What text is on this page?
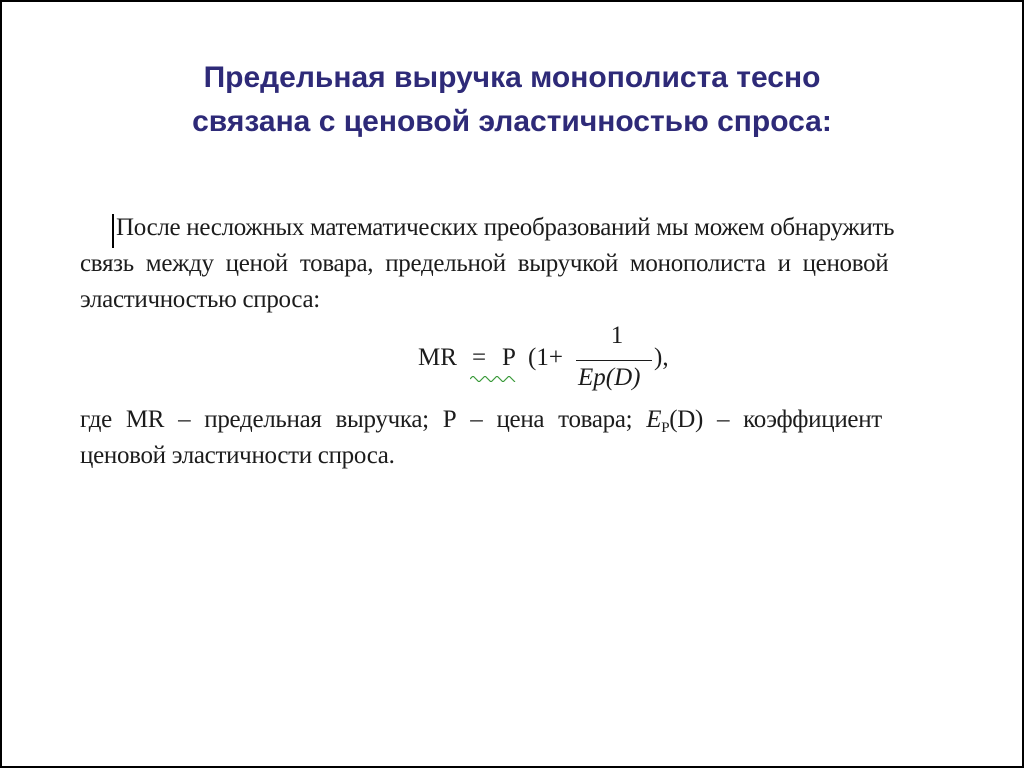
Предельная выручка монополиста тесно
связана с ценовой эластичностью спроса:
После несложных математических преобразований мы можем обнаружить
связь между ценой товара, предельной выручкой монополиста и ценовой
эластичностью спроса:
MR = P (1+
1
Ep(D)
),
где MR – предельная выручка; Р – цена товара; $E_P(D)$ – коэффициент
ценовой эластичности спроса.
